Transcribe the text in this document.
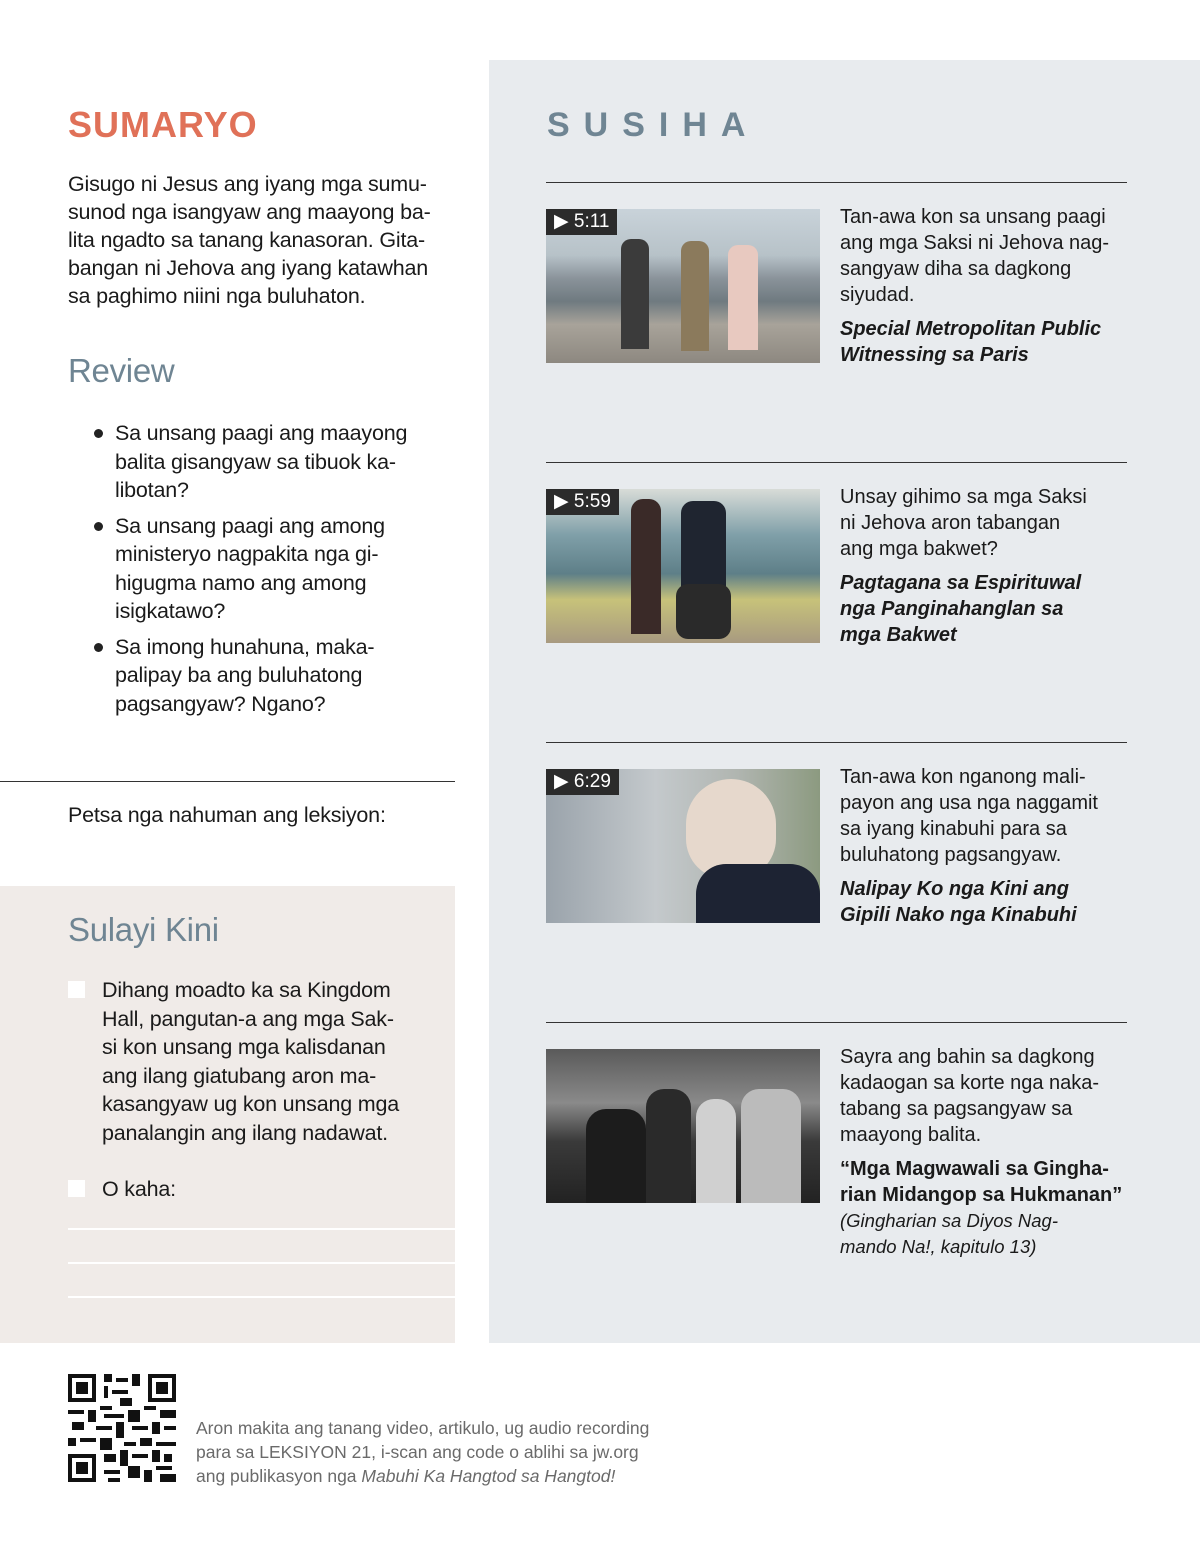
SUMARYO
Gisugo ni Jesus ang iyang mga sumu-
sunod nga isangyaw ang maayong ba-
lita ngadto sa tanang kanasoran. Gita-
bangan ni Jehova ang iyang katawhan
sa paghimo niini nga buluhaton.
Review
Sa unsang paagi ang maayong
balita gisangyaw sa tibuok ka-
libotan?
Sa unsang paagi ang among
ministeryo nagpakita nga gi-
higugma namo ang among
isigkatawo?
Sa imong hunahuna, maka-
palipay ba ang buluhatong
pagsangyaw? Ngano?
Petsa nga nahuman ang leksiyon:
Sulayi Kini
Dihang moadto ka sa Kingdom
Hall, pangutan-a ang mga Sak-
si kon unsang mga kalisdanan
ang ilang giatubang aron ma-
kasangyaw ug kon unsang mga
panalangin ang ilang nadawat.
O kaha:
SUSIHA
▶ 5:11	Tan-awa kon sa unsang paagi
ang mga Saksi ni Jehova nag-
sangyaw diha sa dagkong
siyudad.
Special Metropolitan Public
Witnessing sa Paris
▶ 5:59	Unsay gihimo sa mga Saksi
ni Jehova aron tabangan
ang mga bakwet?
Pagtagana sa Espirituwal
nga Panginahanglan sa
mga Bakwet
▶ 6:29	Tan-awa kon nganong mali-
payon ang usa nga naggamit
sa iyang kinabuhi para sa
buluhatong pagsangyaw.
Nalipay Ko nga Kini ang
Gipili Nako nga Kinabuhi
Sayra ang bahin sa dagkong
kadaogan sa korte nga naka-
tabang sa pagsangyaw sa
maayong balita.
“Mga Magwawali sa Gingha-
rian Midangop sa Hukmanan”
(Gingharian sa Diyos Nag-
mando Na!, kapitulo 13)
Aron makita ang tanang video, artikulo, ug audio recording
para sa LEKSIYON 21, i-scan ang code o ablihi sa jw.org
ang publikasyon nga Mabuhi Ka Hangtod sa Hangtod!
